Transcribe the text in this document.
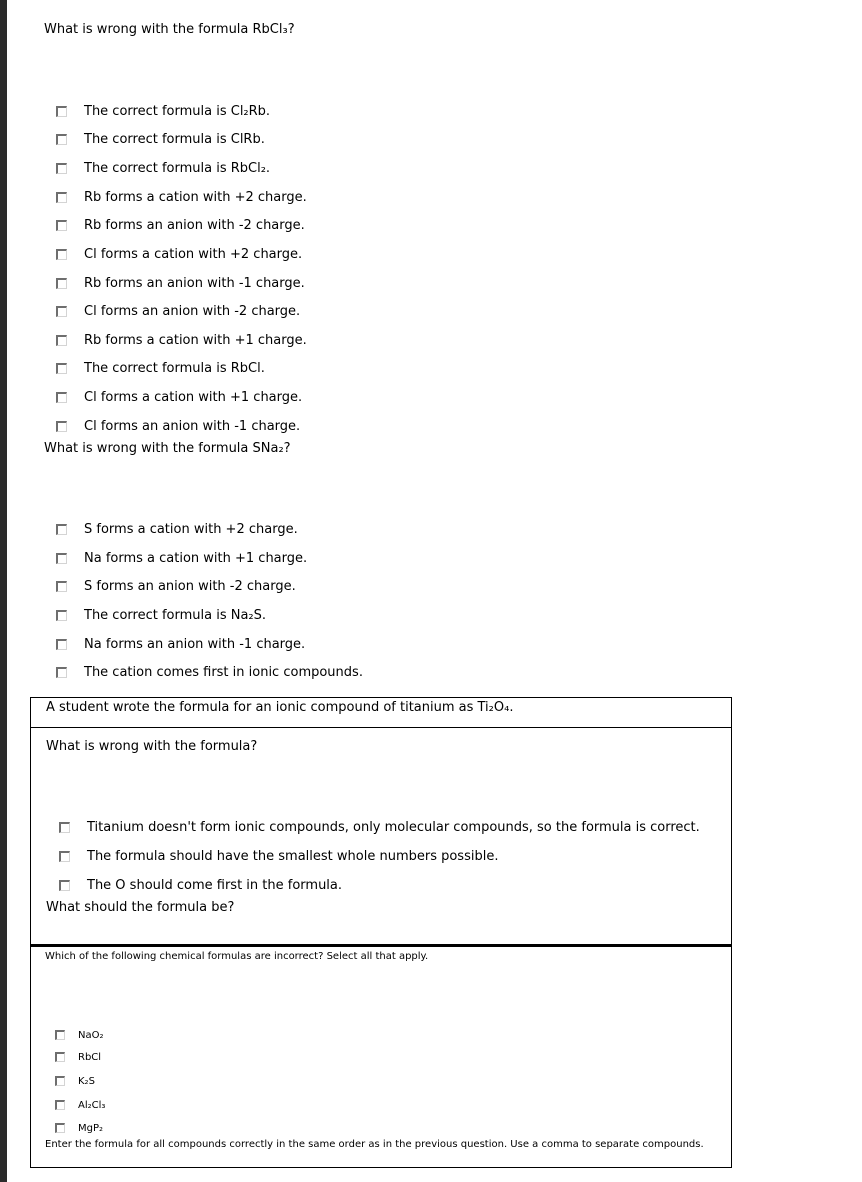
What is wrong with the formula RbCl₃?
The correct formula is Cl₂Rb.
The correct formula is ClRb.
The correct formula is RbCl₂.
Rb forms a cation with +2 charge.
Rb forms an anion with -2 charge.
Cl forms a cation with +2 charge.
Rb forms an anion with -1 charge.
Cl forms an anion with -2 charge.
Rb forms a cation with +1 charge.
The correct formula is RbCl.
Cl forms a cation with +1 charge.
Cl forms an anion with -1 charge.
What is wrong with the formula SNa₂?
S forms a cation with +2 charge.
Na forms a cation with +1 charge.
S forms an anion with -2 charge.
The correct formula is Na₂S.
Na forms an anion with -1 charge.
The cation comes first in ionic compounds.
A student wrote the formula for an ionic compound of titanium as Ti₂O₄.
What is wrong with the formula?
Titanium doesn't form ionic compounds, only molecular compounds, so the formula is correct.
The formula should have the smallest whole numbers possible.
The O should come first in the formula.
What should the formula be?
Which of the following chemical formulas are incorrect? Select all that apply.
NaO₂
RbCl
K₂S
Al₂Cl₃
MgP₂
Enter the formula for all compounds correctly in the same order as in the previous question. Use a comma to separate compounds.
